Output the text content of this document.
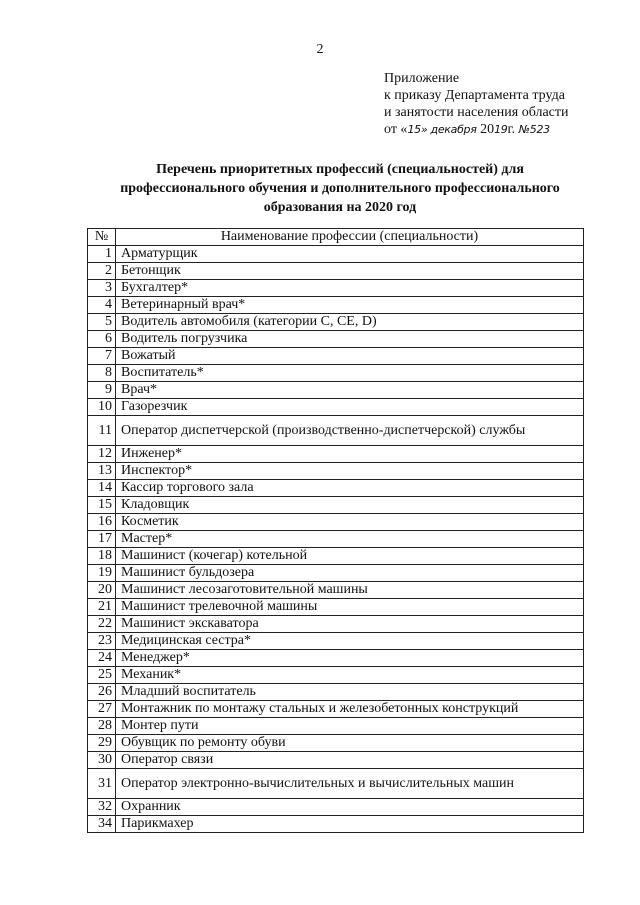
2
Приложение
к приказу Департамента труда
и занятости населения области
от «15» декабря 2019г. №523
Перечень приоритетных профессий (специальностей) для
профессионального обучения и дополнительного профессионального
образования на 2020 год
№	Наименование профессии (специальности)
1	Арматурщик
2	Бетонщик
3	Бухгалтер*
4	Ветеринарный врач*
5	Водитель автомобиля (категории C, CE, D)
6	Водитель погрузчика
7	Вожатый
8	Воспитатель*
9	Врач*
10	Газорезчик
11	Оператор диспетчерской (производственно-диспетчерской) службы
12	Инженер*
13	Инспектор*
14	Кассир торгового зала
15	Кладовщик
16	Косметик
17	Мастер*
18	Машинист (кочегар) котельной
19	Машинист бульдозера
20	Машинист лесозаготовительной машины
21	Машинист трелевочной машины
22	Машинист экскаватора
23	Медицинская сестра*
24	Менеджер*
25	Механик*
26	Младший воспитатель
27	Монтажник по монтажу стальных и железобетонных конструкций
28	Монтер пути
29	Обувщик по ремонту обуви
30	Оператор связи
31	Оператор электронно-вычислительных и вычислительных машин
32	Охранник
34	Парикмахер
